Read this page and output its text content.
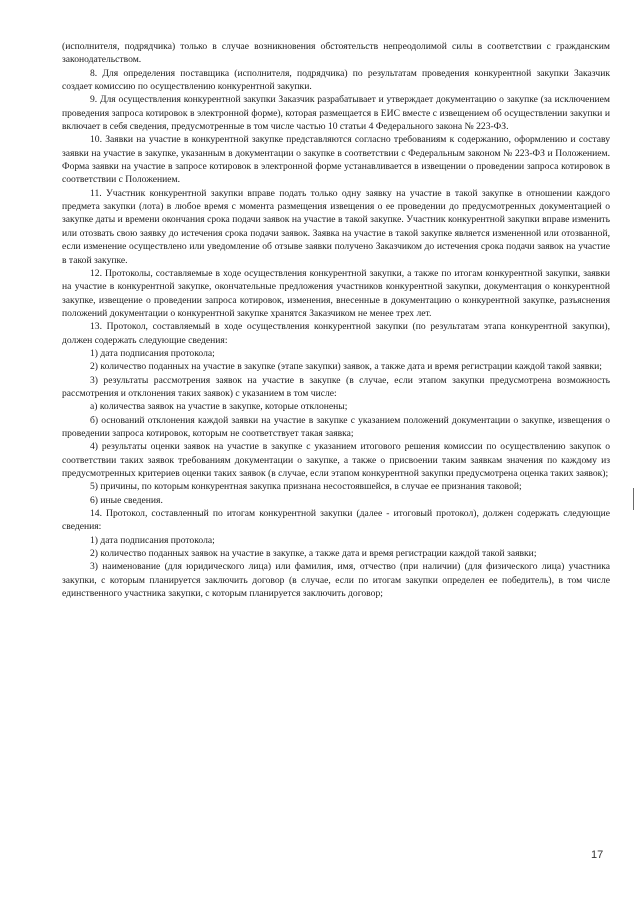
(исполнителя, подрядчика) только в случае возникновения обстоятельств непреодолимой силы в соответствии с гражданским законодательством.

8. Для определения поставщика (исполнителя, подрядчика) по результатам проведения конкурентной закупки Заказчик создает комиссию по осуществлению конкурентной закупки.

9. Для осуществления конкурентной закупки Заказчик разрабатывает и утверждает документацию о закупке (за исключением проведения запроса котировок в электронной форме), которая размещается в ЕИС вместе с извещением об осуществлении закупки и включает в себя сведения, предусмотренные в том числе частью 10 статьи 4 Федерального закона № 223-ФЗ.

10. Заявки на участие в конкурентной закупке представляются согласно требованиям к содержанию, оформлению и составу заявки на участие в закупке, указанным в документации о закупке в соответствии с Федеральным законом № 223-ФЗ и Положением. Форма заявки на участие в запросе котировок в электронной форме устанавливается в извещении о проведении запроса котировок в соответствии с Положением.

11. Участник конкурентной закупки вправе подать только одну заявку на участие в такой закупке в отношении каждого предмета закупки (лота) в любое время с момента размещения извещения о ее проведении до предусмотренных документацией о закупке даты и времени окончания срока подачи заявок на участие в такой закупке. Участник конкурентной закупки вправе изменить или отозвать свою заявку до истечения срока подачи заявок. Заявка на участие в такой закупке является измененной или отозванной, если изменение осуществлено или уведомление об отзыве заявки получено Заказчиком до истечения срока подачи заявок на участие в такой закупке.

12. Протоколы, составляемые в ходе осуществления конкурентной закупки, а также по итогам конкурентной закупки, заявки на участие в конкурентной закупке, окончательные предложения участников конкурентной закупки, документация о конкурентной закупке, извещение о проведении запроса котировок, изменения, внесенные в документацию о конкурентной закупке, разъяснения положений документации о конкурентной закупке хранятся Заказчиком не менее трех лет.

13. Протокол, составляемый в ходе осуществления конкурентной закупки (по результатам этапа конкурентной закупки), должен содержать следующие сведения:

1) дата подписания протокола;

2) количество поданных на участие в закупке (этапе закупки) заявок, а также дата и время регистрации каждой такой заявки;

3) результаты рассмотрения заявок на участие в закупке (в случае, если этапом закупки предусмотрена возможность рассмотрения и отклонения таких заявок) с указанием в том числе:

а) количества заявок на участие в закупке, которые отклонены;

б) оснований отклонения каждой заявки на участие в закупке с указанием положений документации о закупке, извещения о проведении запроса котировок, которым не соответствует такая заявка;

4) результаты оценки заявок на участие в закупке с указанием итогового решения комиссии по осуществлению закупок о соответствии таких заявок требованиям документации о закупке, а также о присвоении таким заявкам значения по каждому из предусмотренных критериев оценки таких заявок (в случае, если этапом конкурентной закупки предусмотрена оценка таких заявок);

5) причины, по которым конкурентная закупка признана несостоявшейся, в случае ее признания таковой;

6) иные сведения.

14. Протокол, составленный по итогам конкурентной закупки (далее - итоговый протокол), должен содержать следующие сведения:

1) дата подписания протокола;

2) количество поданных заявок на участие в закупке, а также дата и время регистрации каждой такой заявки;

3) наименование (для юридического лица) или фамилия, имя, отчество (при наличии) (для физического лица) участника закупки, с которым планируется заключить договор (в случае, если по итогам закупки определен ее победитель), в том числе единственного участника закупки, с которым планируется заключить договор;

17
